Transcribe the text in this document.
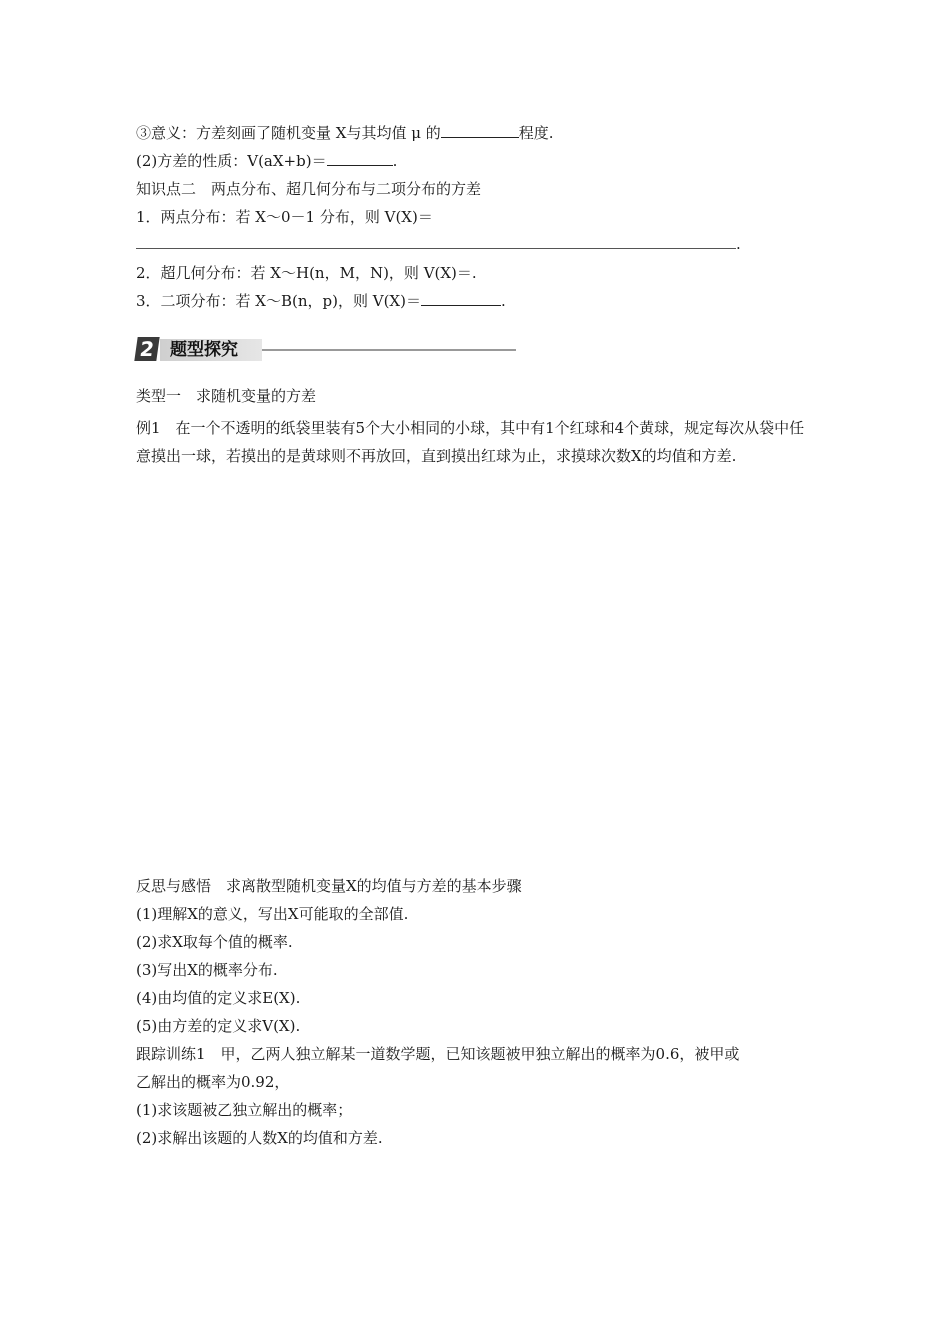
③意义：方差刻画了随机变量 X与其均值 μ 的	程度.
(2)方差的性质：V(aX+b)＝	.
知识点二　两点分布、超几何分布与二项分布的方差
1．两点分布：若 X～0－1 分布，则 V(X)＝
.
2．超几何分布：若 X～H(n，M，N)，则 V(X)＝.
3．二项分布：若 X～B(n，p)，则 V(X)＝	.
2 题型探究
类型一　求随机变量的方差
例1　在一个不透明的纸袋里装有5个大小相同的小球，其中有1个红球和4个黄球，规定每次从袋中任意摸出一球，若摸出的是黄球则不再放回，直到摸出红球为止，求摸球次数X的均值和方差.
反思与感悟　求离散型随机变量X的均值与方差的基本步骤
(1)理解X的意义，写出X可能取的全部值.
(2)求X取每个值的概率.
(3)写出X的概率分布.
(4)由均值的定义求E(X).
(5)由方差的定义求V(X).
跟踪训练1　甲，乙两人独立解某一道数学题，已知该题被甲独立解出的概率为0.6，被甲或
乙解出的概率为0.92，
(1)求该题被乙独立解出的概率；
(2)求解出该题的人数X的均值和方差.
